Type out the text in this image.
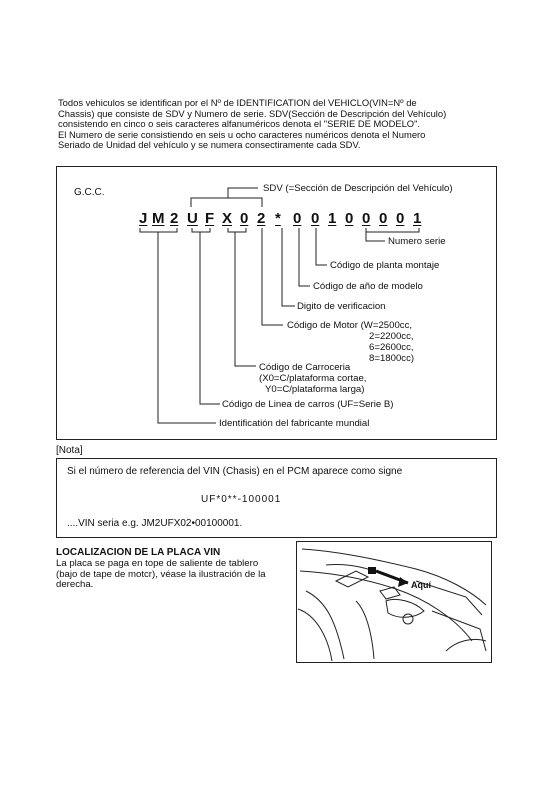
Todos vehiculos se identifican por el Nº de IDENTIFICATION del VEHICLO(VIN=Nº de
Chassis) que consiste de SDV y Numero de serie. SDV(Sección de Descripción del Vehículo)
consistendo en cinco o seis caracteres alfanuméricos denota el "SERIE DE MODELO".
El Numero de serie consistiendo en seis u ocho caracteres numéricos denota el Numero
Seriado de Unidad del vehículo y se numera consectiramente cada SDV.
G.C.C.
J M 2 U F X 0 2 * 0 0 1 0 0 0 0 1
SDV (=Sección de Descripción del Vehículo)
Numero serie
Código de planta montaje
Código de año de modelo
Digito de verificacion
Código de Motor (W=2500cc,
2=2200cc,
6=2600cc,
8=1800cc)
Código de Carroceria
(X0=C/plataforma cortae,
Y0=C/plataforma larga)
Código de Linea de carros (UF=Serie B)
Identificatión del fabricante mundial
[Nota]
Si el número de referencia del VIN (Chasis) en el PCM aparece como signe
UF*0**-100001
....VIN seria e.g. JM2UFX02•00100001.
LOCALIZACION DE LA PLACA VIN
La placa se paga en tope de saliente de tablero
(bajo de tape de motcr), véase la ilustración de la
derecha.	Aquí
